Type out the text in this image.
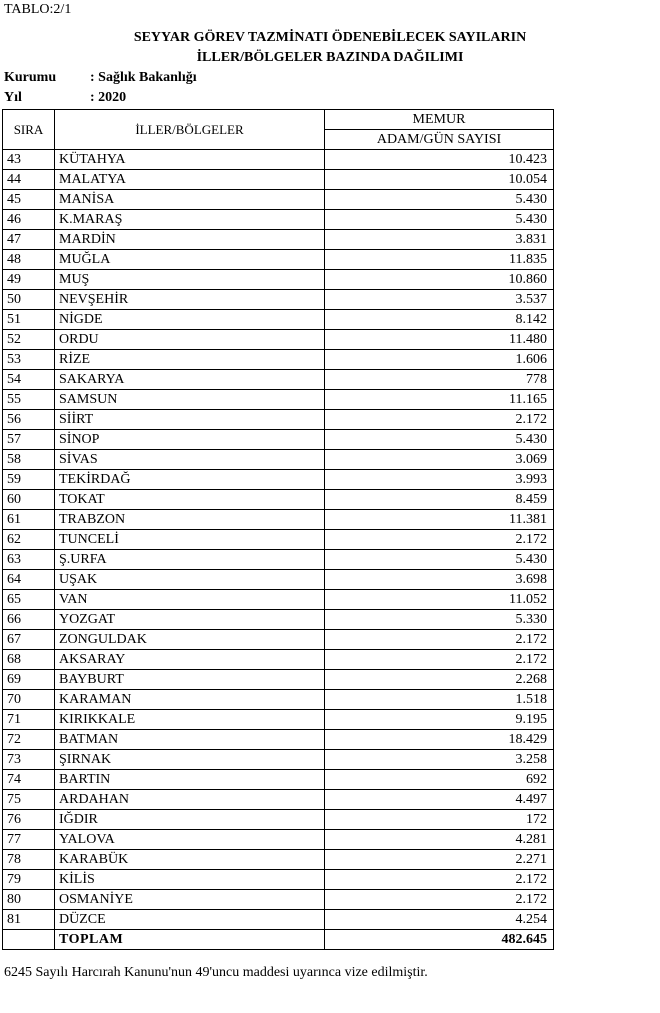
TABLO:2/1
SEYYAR GÖREV TAZMİNATI ÖDENEBİLECEK SAYILARIN
İLLER/BÖLGELER BAZINDA DAĞILIMI
Kurumu : Sağlık Bakanlığı
Yıl	: 2020
SIRA	İLLER/BÖLGELER	MEMUR
		ADAM/GÜN SAYISI
43	KÜTAHYA	10.423
44	MALATYA	10.054
45	MANİSA	5.430
46	K.MARAŞ	5.430
47	MARDİN	3.831
48	MUĞLA	11.835
49	MUŞ	10.860
50	NEVŞEHİR	3.537
51	NİGDE	8.142
52	ORDU	11.480
53	RİZE	1.606
54	SAKARYA	778
55	SAMSUN	11.165
56	SİİRT	2.172
57	SİNOP	5.430
58	SİVAS	3.069
59	TEKİRDAĞ	3.993
60	TOKAT	8.459
61	TRABZON	11.381
62	TUNCELİ	2.172
63	Ş.URFA	5.430
64	UŞAK	3.698
65	VAN	11.052
66	YOZGAT	5.330
67	ZONGULDAK	2.172
68	AKSARAY	2.172
69	BAYBURT	2.268
70	KARAMAN	1.518
71	KIRIKKALE	9.195
72	BATMAN	18.429
73	ŞIRNAK	3.258
74	BARTIN	692
75	ARDAHAN	4.497
76	IĞDIR	172
77	YALOVA	4.281
78	KARABÜK	2.271
79	KİLİS	2.172
80	OSMANİYE	2.172
81	DÜZCE	4.254
	TOPLAM	482.645
6245 Sayılı Harcırah Kanunu'nun 49'uncu maddesi uyarınca vize edilmiştir.
